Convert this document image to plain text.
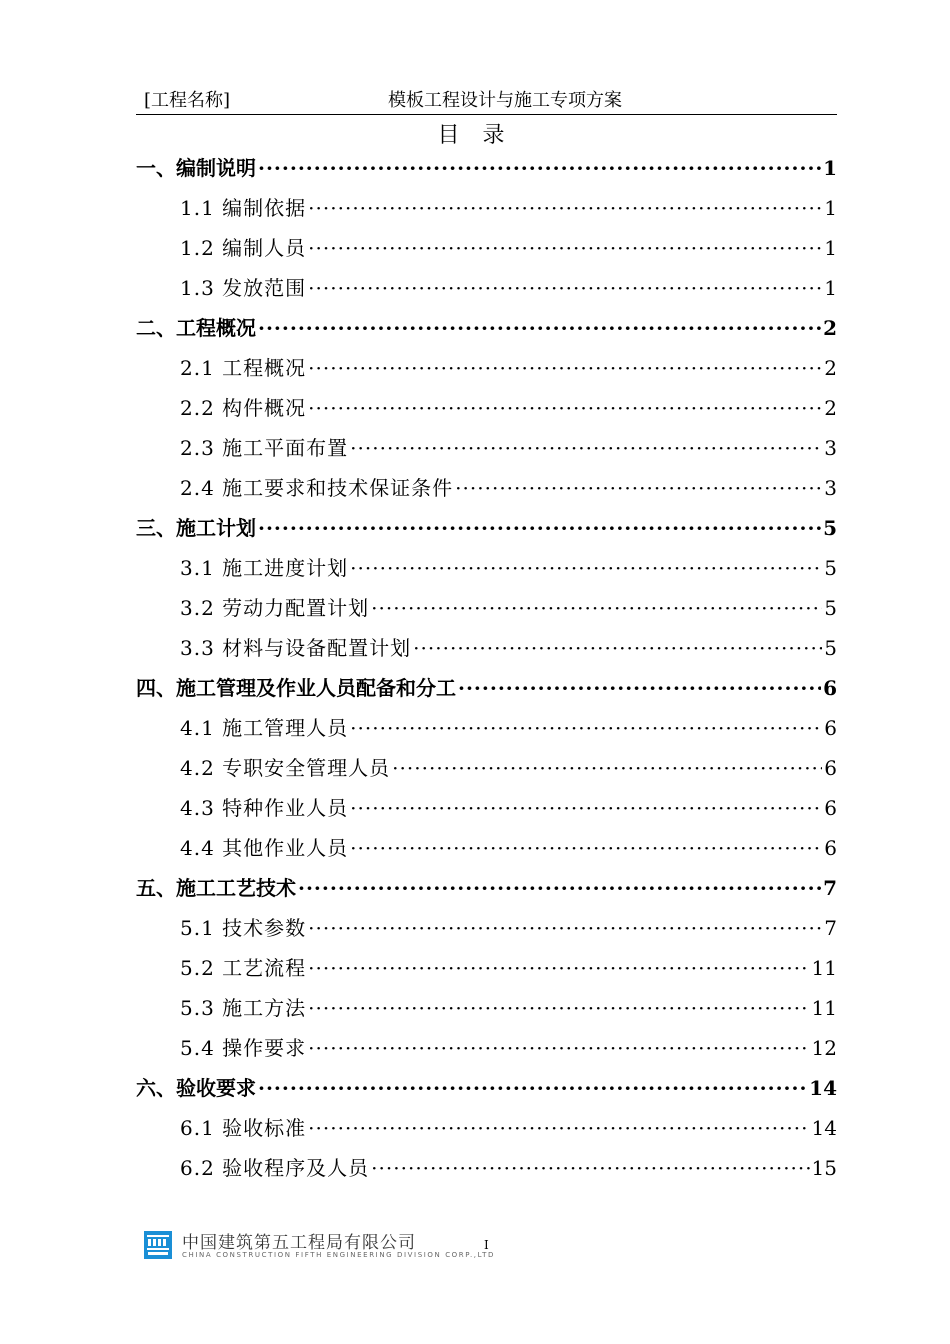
[工程名称]	模板工程设计与施工专项方案
目 录
一、编制说明 ·····	1
1.1 编制依据 ·····	1
1.2 编制人员 ·····	1
1.3 发放范围 ·····	1
二、工程概况 ·····	2
2.1 工程概况 ·····	2
2.2 构件概况 ·····	2
2.3 施工平面布置 ·····	3
2.4 施工要求和技术保证条件 ·····	3
三、施工计划 ·····	5
3.1 施工进度计划 ·····	5
3.2 劳动力配置计划 ·····	5
3.3 材料与设备配置计划 ·····	5
四、施工管理及作业人员配备和分工 ·····	6
4.1 施工管理人员 ·····	6
4.2 专职安全管理人员 ·····	6
4.3 特种作业人员 ·····	6
4.4 其他作业人员 ·····	6
五、施工工艺技术 ·····	7
5.1 技术参数 ·····	7
5.2 工艺流程 ·····	11
5.3 施工方法 ·····	11
5.4 操作要求 ·····	12
六、验收要求 ·····	14
6.1 验收标准 ·····	14
6.2 验收程序及人员 ·····	15
中国建筑第五工程局有限公司
CHINA CONSTRUCTION FIFTH ENGINEERING DIVISION CORP.,LTD
I
